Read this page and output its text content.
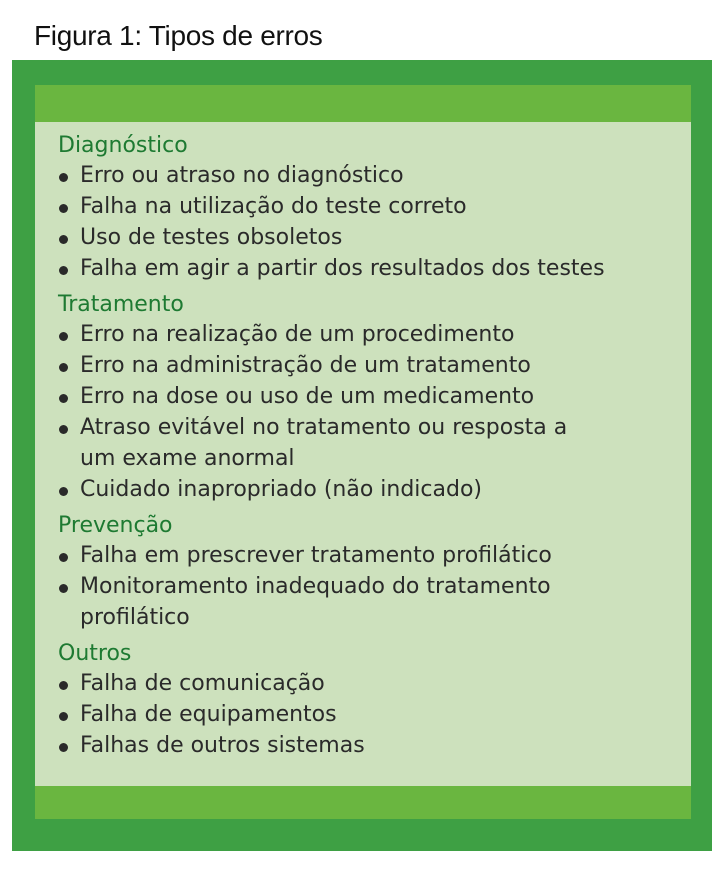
Figura 1: Tipos de erros
Diagnóstico
Erro ou atraso no diagnóstico
Falha na utilização do teste correto
Uso de testes obsoletos
Falha em agir a partir dos resultados dos testes
Tratamento
Erro na realização de um procedimento
Erro na administração de um tratamento
Erro na dose ou uso de um medicamento
Atraso evitável no tratamento ou resposta a um exame anormal
Cuidado inapropriado (não indicado)
Prevenção
Falha em prescrever tratamento profilático
Monitoramento inadequado do tratamento profilático
Outros
Falha de comunicação
Falha de equipamentos
Falhas de outros sistemas
